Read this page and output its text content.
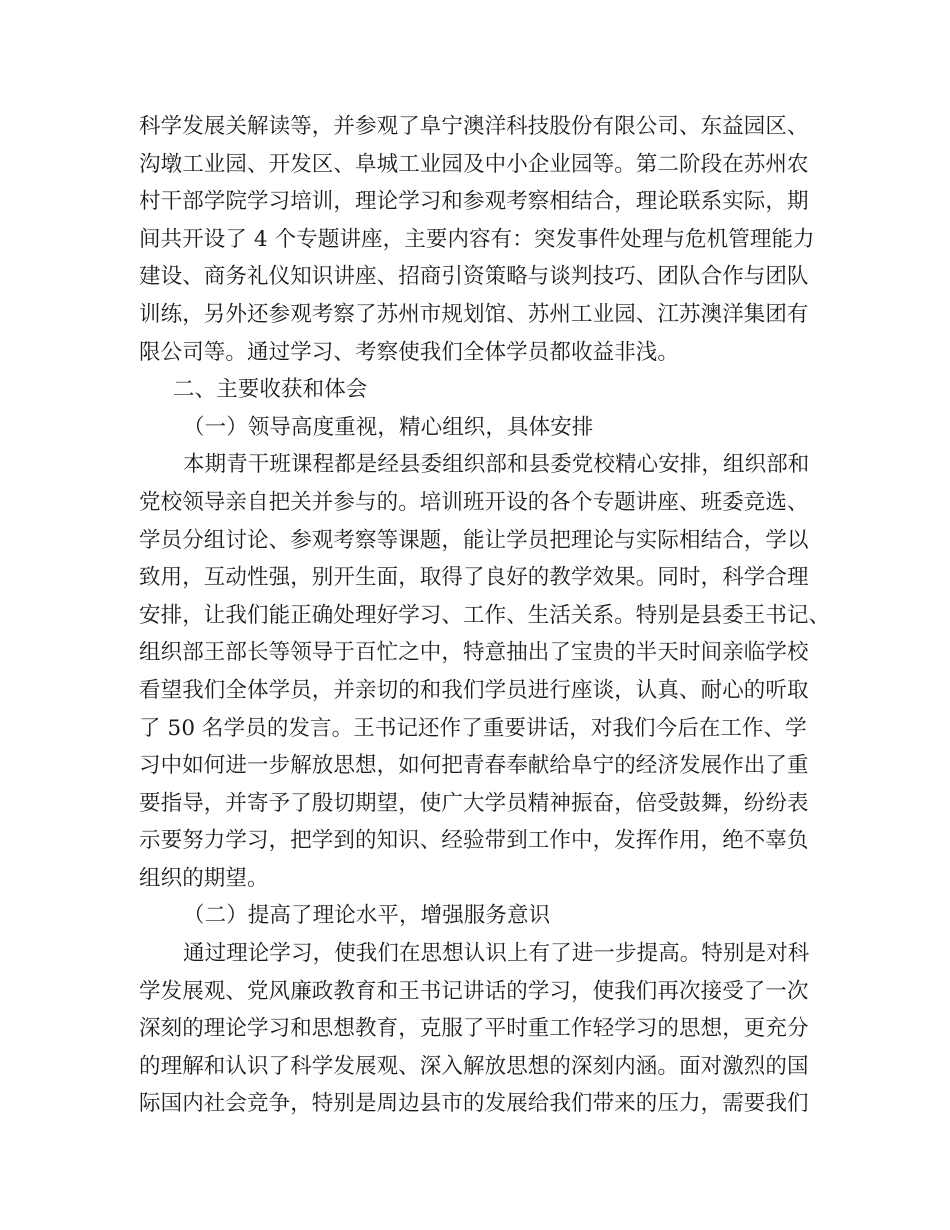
科学发展关解读等，并参观了阜宁澳洋科技股份有限公司、东益园区、
沟墩工业园、开发区、阜城工业园及中小企业园等。第二阶段在苏州农
村干部学院学习培训，理论学习和参观考察相结合，理论联系实际，期
间共开设了 4 个专题讲座，主要内容有：突发事件处理与危机管理能力
建设、商务礼仪知识讲座、招商引资策略与谈判技巧、团队合作与团队
训练，另外还参观考察了苏州市规划馆、苏州工业园、江苏澳洋集团有
限公司等。通过学习、考察使我们全体学员都收益非浅。
二、主要收获和体会
（一）领导高度重视，精心组织，具体安排
本期青干班课程都是经县委组织部和县委党校精心安排，组织部和
党校领导亲自把关并参与的。培训班开设的各个专题讲座、班委竞选、
学员分组讨论、参观考察等课题，能让学员把理论与实际相结合，学以
致用，互动性强，别开生面，取得了良好的教学效果。同时，科学合理
安排，让我们能正确处理好学习、工作、生活关系。特别是县委王书记、
组织部王部长等领导于百忙之中，特意抽出了宝贵的半天时间亲临学校
看望我们全体学员，并亲切的和我们学员进行座谈，认真、耐心的听取
了 50 名学员的发言。王书记还作了重要讲话，对我们今后在工作、学
习中如何进一步解放思想，如何把青春奉献给阜宁的经济发展作出了重
要指导，并寄予了殷切期望，使广大学员精神振奋，倍受鼓舞，纷纷表
示要努力学习，把学到的知识、经验带到工作中，发挥作用，绝不辜负
组织的期望。
（二）提高了理论水平，增强服务意识
通过理论学习，使我们在思想认识上有了进一步提高。特别是对科
学发展观、党风廉政教育和王书记讲话的学习，使我们再次接受了一次
深刻的理论学习和思想教育，克服了平时重工作轻学习的思想，更充分
的理解和认识了科学发展观、深入解放思想的深刻内涵。面对激烈的国
际国内社会竞争，特别是周边县市的发展给我们带来的压力，需要我们
